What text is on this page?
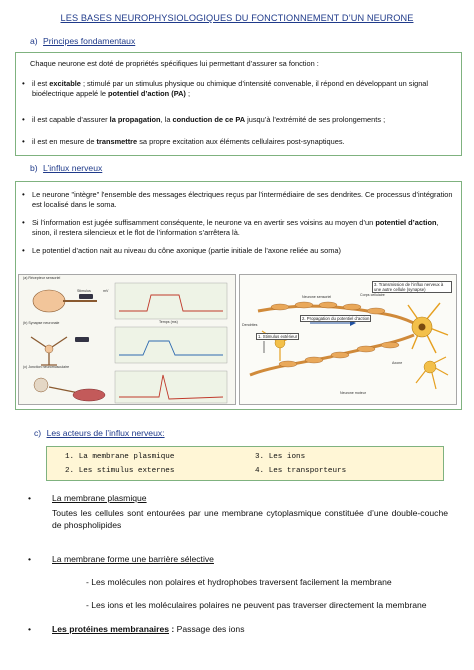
LES BASES NEUROPHYSIOLOGIQUES DU FONCTIONNEMENT D’UN NEURONE
a) Principes fondamentaux
Chaque neurone est doté de propriétés spécifiques lui permettant d’assurer sa fonction :
• il est excitable ; stimulé par un stimulus physique ou chimique d’intensité convenable, il répond en développant un signal bioélectrique appelé le potentiel d’action (PA) ;
• il est capable d’assurer la propagation, la conduction de ce PA jusqu’à l’extrémité de ses prolongements ;
• il est en mesure de transmettre sa propre excitation aux éléments cellulaires post-synaptiques.
b) L’influx nerveux
• Le neurone "intègre" l'ensemble des messages électriques reçus par l'intermédiaire de ses dendrites. Ce processus d’intégration est localisé dans le soma.
• Si l’information est jugée suffisamment conséquente, le neurone va en avertir ses voisins au moyen d’un potentiel d’action, sinon, il restera silencieux et le flot de l’information s’arrêtera là.
• Le potentiel d’action nait au niveau du cône axonique (partie initiale de l’axone reliée au soma)
(a) Récepteur sensoriel
(b) Synapse neuronale
(c) Jonction neuromusculaire
Stimulus	mV
Temps (ms)
3. Transmission de l’influx nerveux à une autre cellule (synapse)
Neurone sensoriel	Corps cellulaire
2. Propagation du potentiel d’action
1. Stimulus extérieur
Dendrites
Axone
Neurone moteur
c) Les acteurs de l’influx nerveux:
1. La membrane plasmique
2. Les stimulus externes
3. Les ions
4. Les transporteurs
• La membrane plasmique
Toutes les cellules sont entourées par une membrane cytoplasmique constituée d’une double-couche de phospholipides
• La membrane forme une barrière sélective
- Les molécules non polaires et hydrophobes traversent facilement la membrane
- Les ions et les moléculaires polaires ne peuvent pas traverser directement la membrane
• Les protéines membranaires : Passage des ions
